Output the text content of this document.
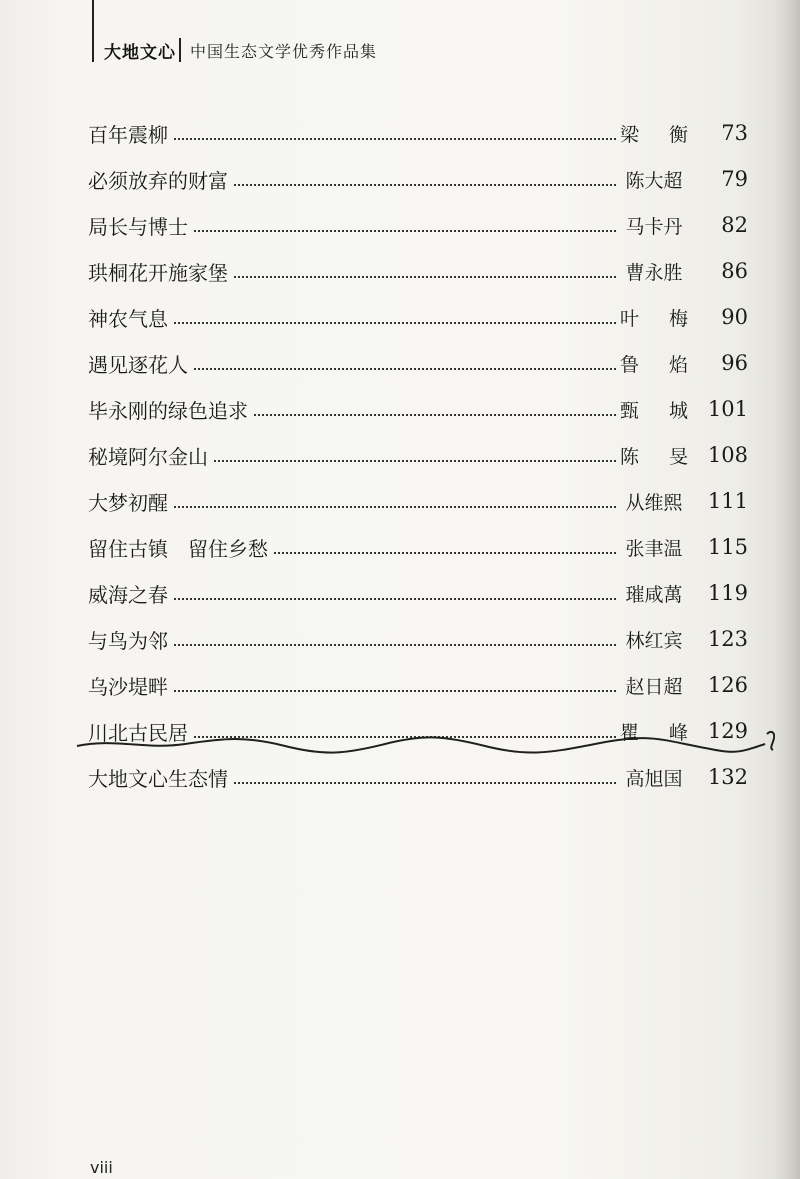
大地文心 中国生态文学优秀作品集
百年震柳	梁 衡	73
必须放弃的财富	陈大超	79
局长与博士	马卡丹	82
珙桐花开施家堡	曹永胜	86
神农气息	叶 梅	90
遇见逐花人	鲁 焰	96
毕永刚的绿色追求	甄 城 101
秘境阿尔金山	陈 旻 108
大梦初醒	从维熙	111
留住古镇　留住乡愁	张聿温	115
威海之春	璀咸萬	119
与鸟为邻	林红宾	123
乌沙堤畔	赵日超	126
川北古民居	瞿 峰 129
大地文心生态情	高旭国	132
viii
